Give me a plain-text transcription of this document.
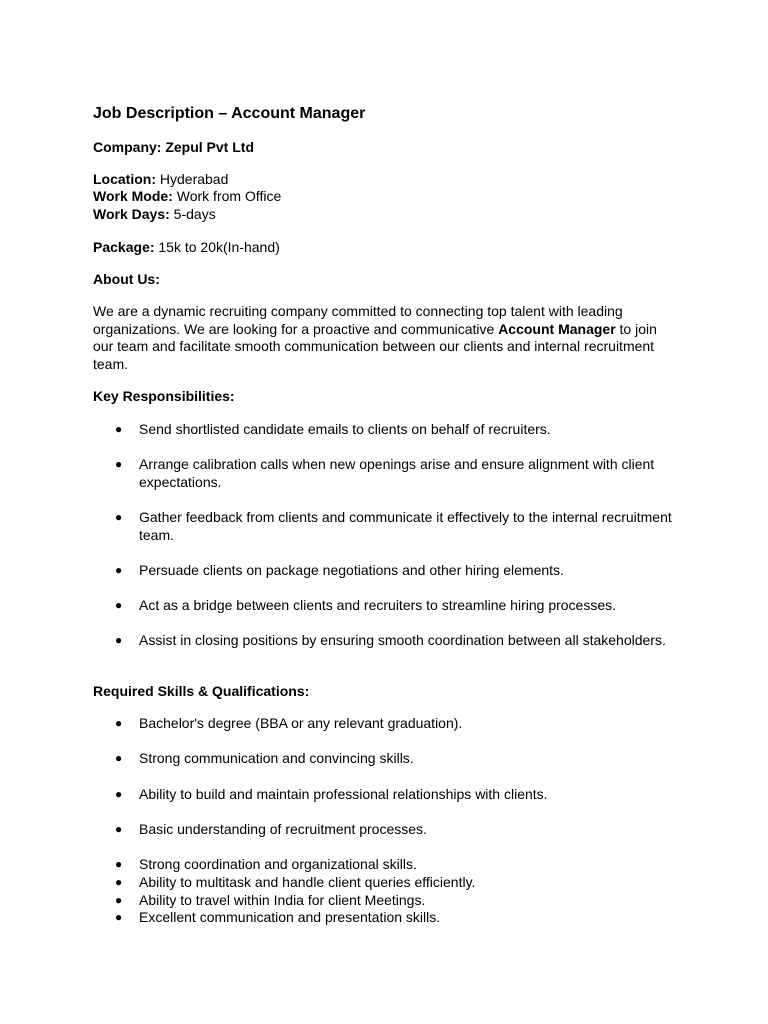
Job Description – Account Manager
Company: Zepul Pvt Ltd
Location: Hyderabad
Work Mode: Work from Office
Work Days: 5-days
Package: 15k to 20k(In-hand)
About Us:
We are a dynamic recruiting company committed to connecting top talent with leading organizations. We are looking for a proactive and communicative Account Manager to join our team and facilitate smooth communication between our clients and internal recruitment team.
Key Responsibilities:
● Send shortlisted candidate emails to clients on behalf of recruiters.
● Arrange calibration calls when new openings arise and ensure alignment with client expectations.
● Gather feedback from clients and communicate it effectively to the internal recruitment team.
● Persuade clients on package negotiations and other hiring elements.
● Act as a bridge between clients and recruiters to streamline hiring processes.
● Assist in closing positions by ensuring smooth coordination between all stakeholders.
Required Skills & Qualifications:
● Bachelor's degree (BBA or any relevant graduation).
● Strong communication and convincing skills.
● Ability to build and maintain professional relationships with clients.
● Basic understanding of recruitment processes.
● Strong coordination and organizational skills.
● Ability to multitask and handle client queries efficiently.
● Ability to travel within India for client Meetings.
● Excellent communication and presentation skills.
